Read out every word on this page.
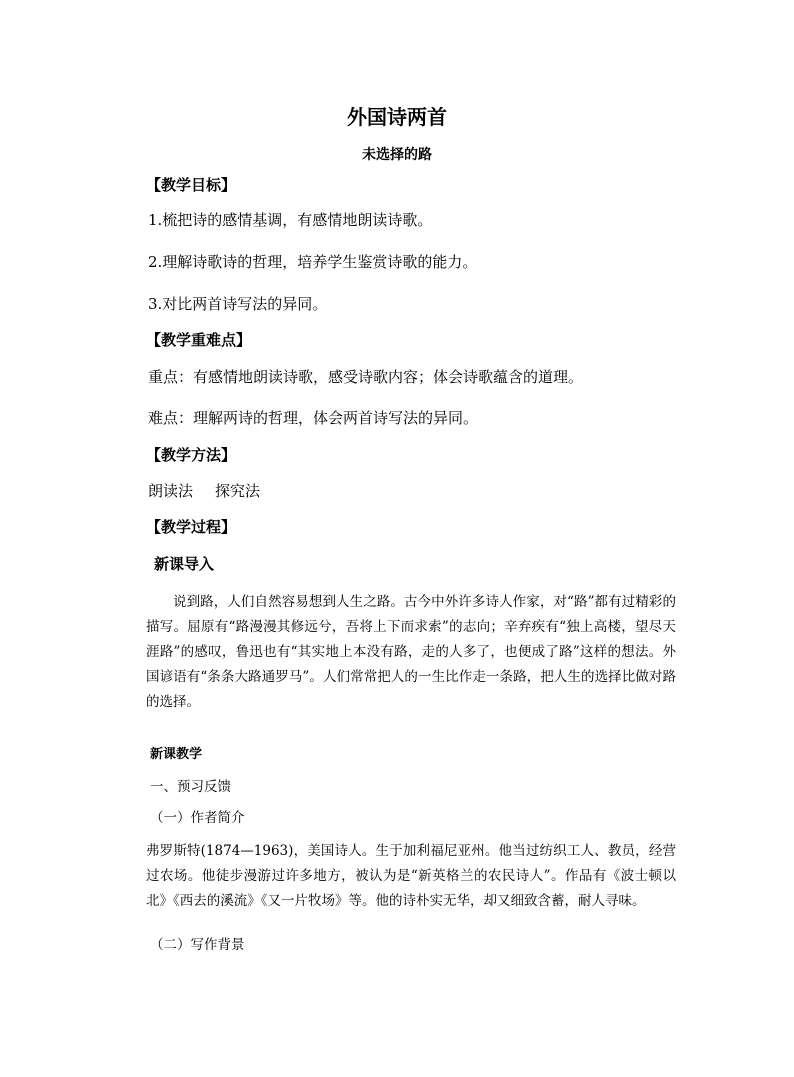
外国诗两首
未选择的路
【教学目标】
1.梳把诗的感情基调，有感情地朗读诗歌。
2.理解诗歌诗的哲理，培养学生鉴赏诗歌的能力。
3.对比两首诗写法的异同。
【教学重难点】
重点：有感情地朗读诗歌，感受诗歌内容；体会诗歌蕴含的道理。
难点：理解两诗的哲理，体会两首诗写法的异同。
【教学方法】
朗读法 探究法
【教学过程】
新课导入
说到路，人们自然容易想到人生之路。古今中外许多诗人作家，对“路”都有过精彩的描写。屈原有“路漫漫其修远兮，吾将上下而求索”的志向；辛弃疾有“独上高楼，望尽天涯路”的感叹，鲁迅也有“其实地上本没有路，走的人多了，也便成了路”这样的想法。外国谚语有“条条大路通罗马”。人们常常把人的一生比作走一条路，把人生的选择比做对路的选择。
新课教学
一、预习反馈
（一）作者简介
弗罗斯特(1874—1963)，美国诗人。生于加利福尼亚州。他当过纺织工人、教员，经营过农场。他徒步漫游过许多地方，被认为是“新英格兰的农民诗人”。作品有《波士顿以北》《西去的溪流》《又一片牧场》等。他的诗朴实无华，却又细致含蓄，耐人寻味。
（二）写作背景
